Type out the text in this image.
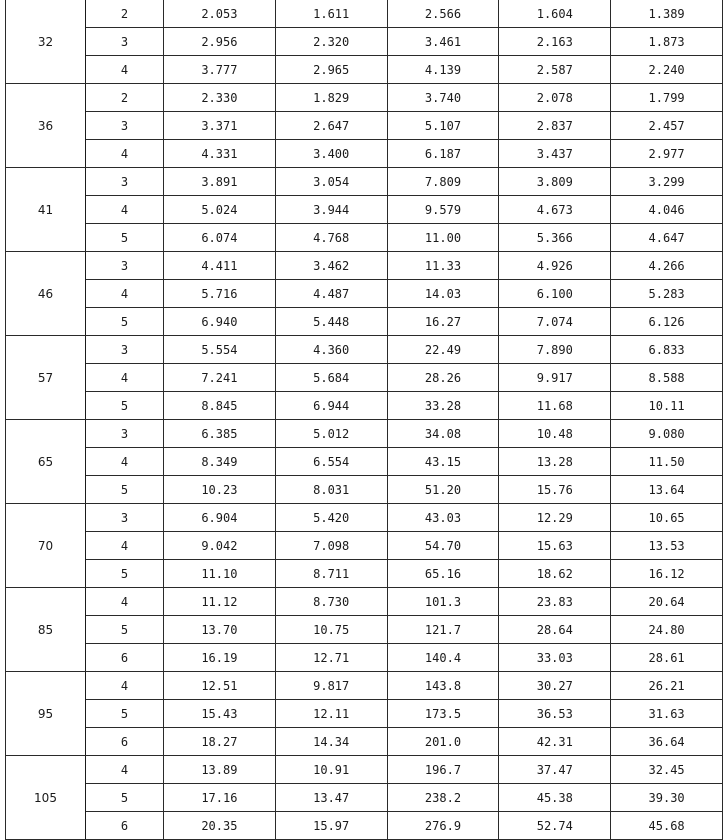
32	2	2.053	1.611	2.566	1.604	1.389
	3	2.956	2.320	3.461	2.163	1.873
	4	3.777	2.965	4.139	2.587	2.240
36	2	2.330	1.829	3.740	2.078	1.799
	3	3.371	2.647	5.107	2.837	2.457
	4	4.331	3.400	6.187	3.437	2.977
41	3	3.891	3.054	7.809	3.809	3.299
	4	5.024	3.944	9.579	4.673	4.046
	5	6.074	4.768	11.00	5.366	4.647
46	3	4.411	3.462	11.33	4.926	4.266
	4	5.716	4.487	14.03	6.100	5.283
	5	6.940	5.448	16.27	7.074	6.126
57	3	5.554	4.360	22.49	7.890	6.833
	4	7.241	5.684	28.26	9.917	8.588
	5	8.845	6.944	33.28	11.68	10.11
65	3	6.385	5.012	34.08	10.48	9.080
	4	8.349	6.554	43.15	13.28	11.50
	5	10.23	8.031	51.20	15.76	13.64
70	3	6.904	5.420	43.03	12.29	10.65
	4	9.042	7.098	54.70	15.63	13.53
	5	11.10	8.711	65.16	18.62	16.12
85	4	11.12	8.730	101.3	23.83	20.64
	5	13.70	10.75	121.7	28.64	24.80
	6	16.19	12.71	140.4	33.03	28.61
95	4	12.51	9.817	143.8	30.27	26.21
	5	15.43	12.11	173.5	36.53	31.63
	6	18.27	14.34	201.0	42.31	36.64
105	4	13.89	10.91	196.7	37.47	32.45
	5	17.16	13.47	238.2	45.38	39.30
	6	20.35	15.97	276.9	52.74	45.68
